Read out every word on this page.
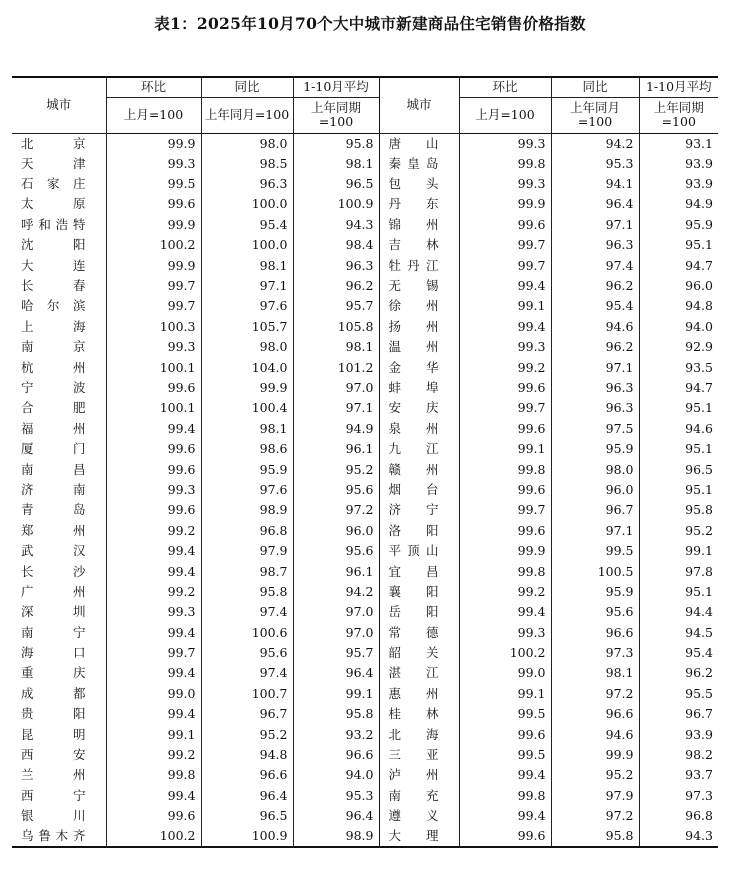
表1：2025年10月70个大中城市新建商品住宅销售价格指数
城市	环比	同比	1-10月平均	城市	环比	同比	1-10月平均
	上月=100	上年同月=100	上年同期=100		上月=100	上年同月=100	上年同期=100
北京	99.9	98.0	95.8	唐山	99.3	94.2	93.1
天津	99.3	98.5	98.1	秦皇岛	99.8	95.3	93.9
石家庄	99.5	96.3	96.5	包头	99.3	94.1	93.9
太原	99.6	100.0	100.9	丹东	99.9	96.4	94.9
呼和浩特	99.9	95.4	94.3	锦州	99.6	97.1	95.9
沈阳	100.2	100.0	98.4	吉林	99.7	96.3	95.1
大连	99.9	98.1	96.3	牡丹江	99.7	97.4	94.7
长春	99.7	97.1	96.2	无锡	99.4	96.2	96.0
哈尔滨	99.7	97.6	95.7	徐州	99.1	95.4	94.8
上海	100.3	105.7	105.8	扬州	99.4	94.6	94.0
南京	99.3	98.0	98.1	温州	99.3	96.2	92.9
杭州	100.1	104.0	101.2	金华	99.2	97.1	93.5
宁波	99.6	99.9	97.0	蚌埠	99.6	96.3	94.7
合肥	100.1	100.4	97.1	安庆	99.7	96.3	95.1
福州	99.4	98.1	94.9	泉州	99.6	97.5	94.6
厦门	99.6	98.6	96.1	九江	99.1	95.9	95.1
南昌	99.6	95.9	95.2	赣州	99.8	98.0	96.5
济南	99.3	97.6	95.6	烟台	99.6	96.0	95.1
青岛	99.6	98.9	97.2	济宁	99.7	96.7	95.8
郑州	99.2	96.8	96.0	洛阳	99.6	97.1	95.2
武汉	99.4	97.9	95.6	平顶山	99.9	99.5	99.1
长沙	99.4	98.7	96.1	宜昌	99.8	100.5	97.8
广州	99.2	95.8	94.2	襄阳	99.2	95.9	95.1
深圳	99.3	97.4	97.0	岳阳	99.4	95.6	94.4
南宁	99.4	100.6	97.0	常德	99.3	96.6	94.5
海口	99.7	95.6	95.7	韶关	100.2	97.3	95.4
重庆	99.4	97.4	96.4	湛江	99.0	98.1	96.2
成都	99.0	100.7	99.1	惠州	99.1	97.2	95.5
贵阳	99.4	96.7	95.8	桂林	99.5	96.6	96.7
昆明	99.1	95.2	93.2	北海	99.6	94.6	93.9
西安	99.2	94.8	96.6	三亚	99.5	99.9	98.2
兰州	99.8	96.6	94.0	泸州	99.4	95.2	93.7
西宁	99.4	96.4	95.3	南充	99.8	97.9	97.3
银川	99.6	96.5	96.4	遵义	99.4	97.2	96.8
乌鲁木齐	100.2	100.9	98.9	大理	99.6	95.8	94.3
